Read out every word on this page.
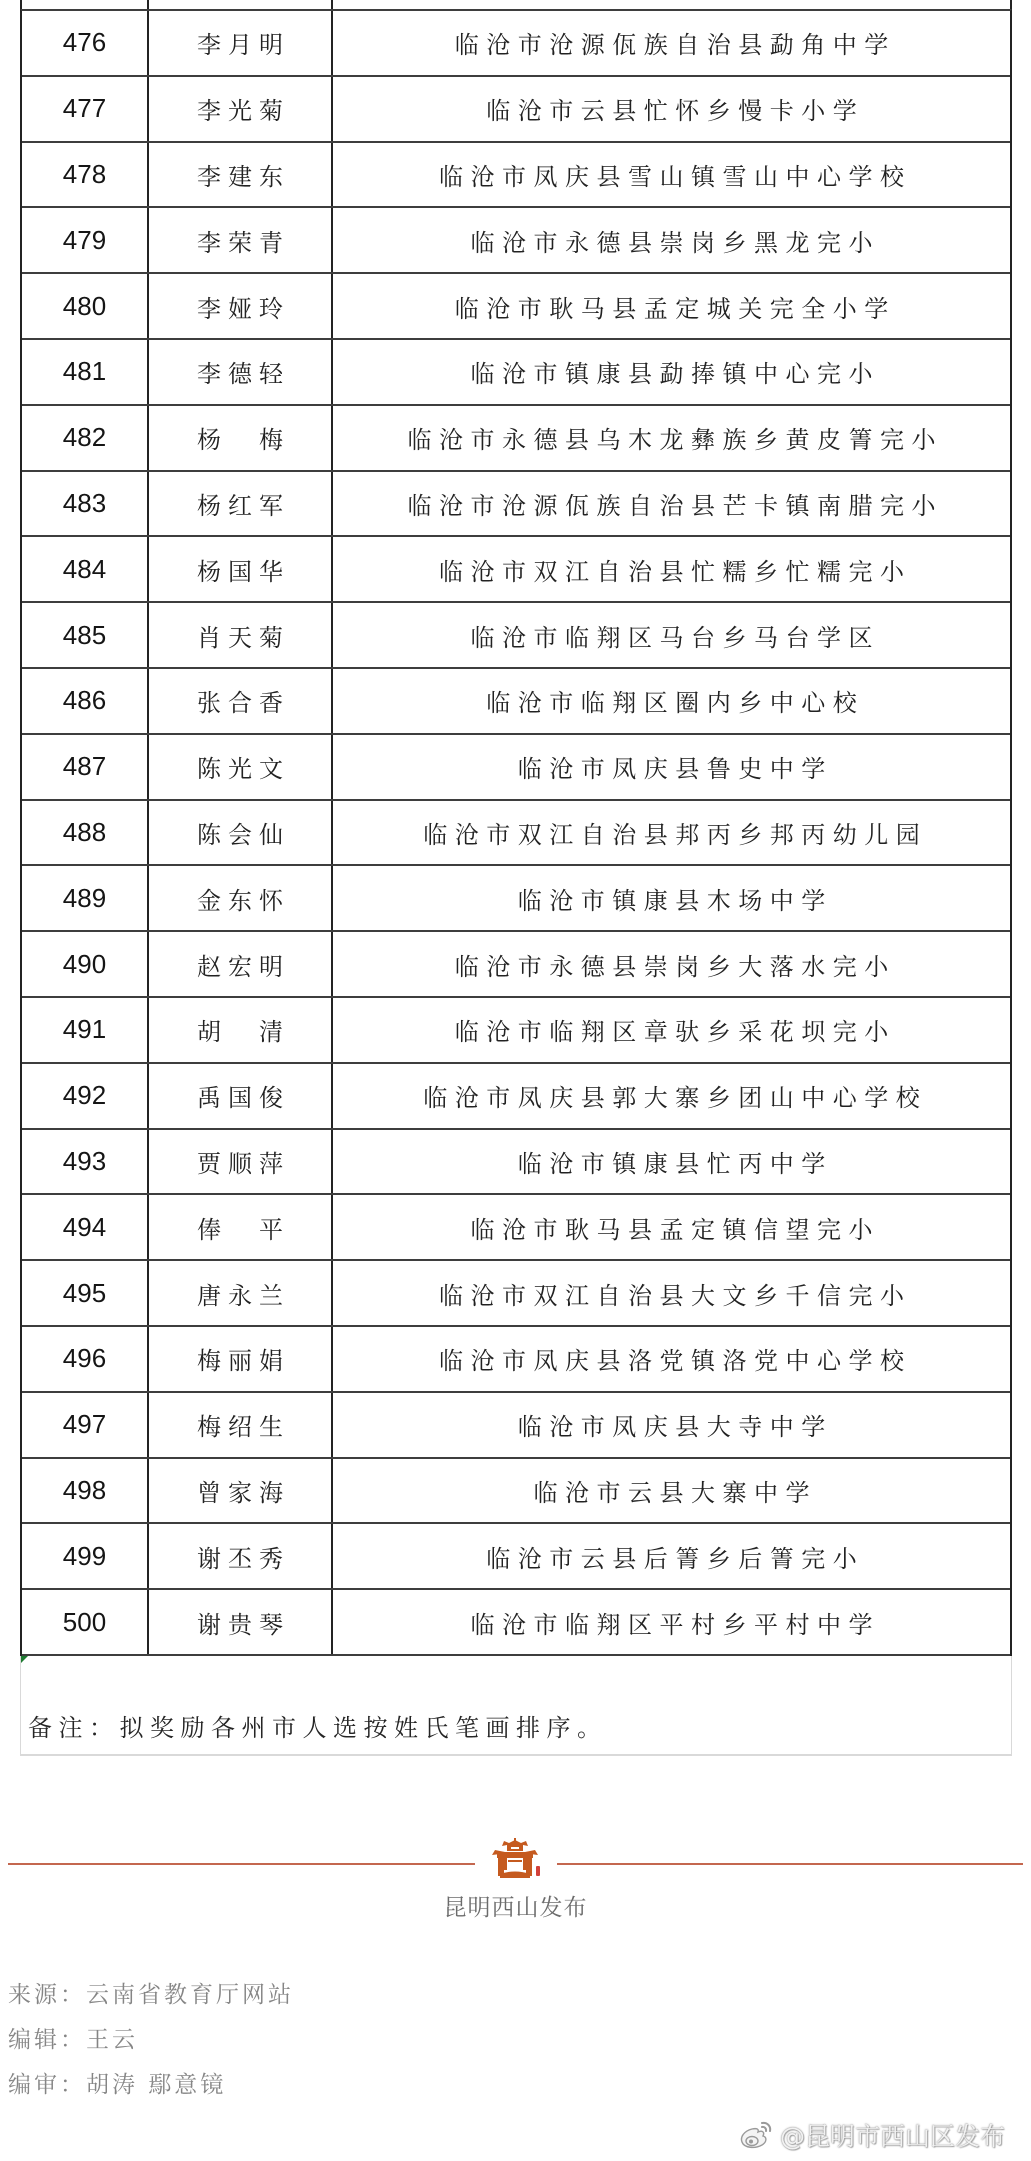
476	李月明	临沧市沧源佤族自治县勐角中学
477	李光菊	临沧市云县忙怀乡慢卡小学
478	李建东	临沧市凤庆县雪山镇雪山中心学校
479	李荣青	临沧市永德县崇岗乡黑龙完小
480	李娅玲	临沧市耿马县孟定城关完全小学
481	李德轻	临沧市镇康县勐捧镇中心完小
482	杨　梅	临沧市永德县乌木龙彝族乡黄皮箐完小
483	杨红军	临沧市沧源佤族自治县芒卡镇南腊完小
484	杨国华	临沧市双江自治县忙糯乡忙糯完小
485	肖天菊	临沧市临翔区马台乡马台学区
486	张合香	临沧市临翔区圈内乡中心校
487	陈光文	临沧市凤庆县鲁史中学
488	陈会仙	临沧市双江自治县邦丙乡邦丙幼儿园
489	金东怀	临沧市镇康县木场中学
490	赵宏明	临沧市永德县崇岗乡大落水完小
491	胡　清	临沧市临翔区章驮乡采花坝完小
492	禹国俊	临沧市凤庆县郭大寨乡团山中心学校
493	贾顺萍	临沧市镇康县忙丙中学
494	俸　平	临沧市耿马县孟定镇信望完小
495	唐永兰	临沧市双江自治县大文乡千信完小
496	梅丽娟	临沧市凤庆县洛党镇洛党中心学校
497	梅绍生	临沧市凤庆县大寺中学
498	曾家海	临沧市云县大寨中学
499	谢丕秀	临沧市云县后箐乡后箐完小
500	谢贵琴	临沧市临翔区平村乡平村中学
备注：拟奖励各州市人选按姓氏笔画排序。
昆明西山发布
来源：云南省教育厅网站
编辑：王云
编审：胡涛 鄢意镜
@昆明市西山区发布
